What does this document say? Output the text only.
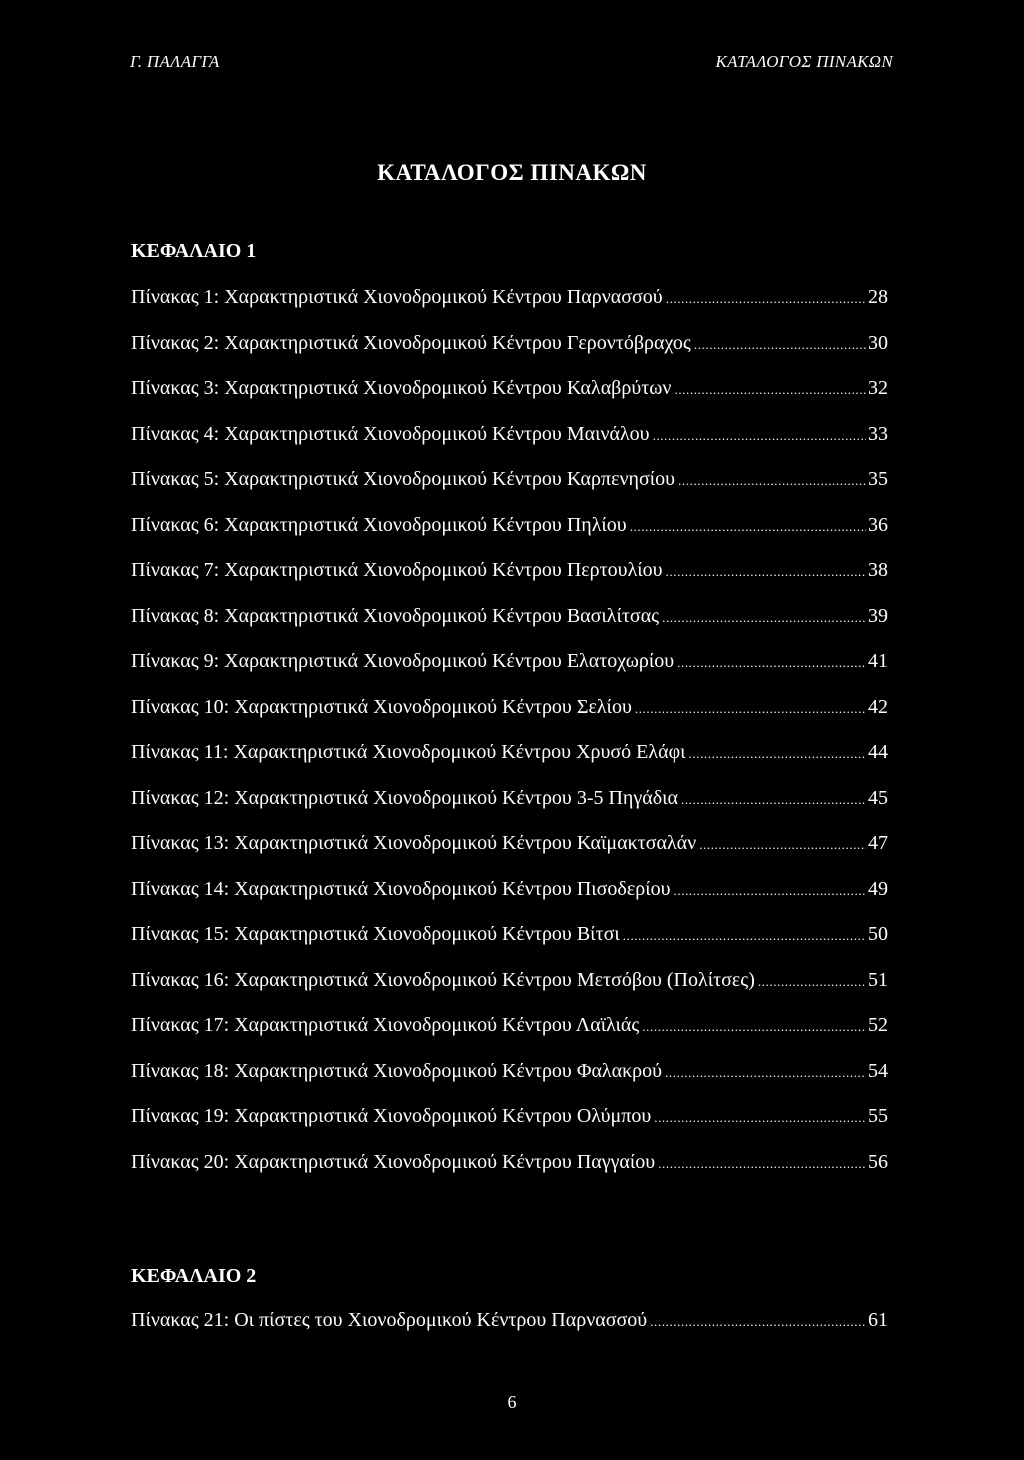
Γ. ΠΑΛΑΓΓΑ	ΚΑΤΑΛΟΓΟΣ ΠΙΝΑΚΩΝ
ΚΑΤΑΛΟΓΟΣ ΠΙΝΑΚΩΝ
ΚΕΦΑΛΑΙΟ 1
Πίνακας 1: Χαρακτηριστικά Χιονοδρομικού Κέντρου Παρνασσού .....	28
Πίνακας 2: Χαρακτηριστικά Χιονοδρομικού Κέντρου Γεροντόβραχος .....	30
Πίνακας 3: Χαρακτηριστικά Χιονοδρομικού Κέντρου Καλαβρύτων .....	32
Πίνακας 4: Χαρακτηριστικά Χιονοδρομικού Κέντρου Μαινάλου .....	33
Πίνακας 5: Χαρακτηριστικά Χιονοδρομικού Κέντρου Καρπενησίου .....	35
Πίνακας 6: Χαρακτηριστικά Χιονοδρομικού Κέντρου Πηλίου .....	36
Πίνακας 7: Χαρακτηριστικά Χιονοδρομικού Κέντρου Περτουλίου .....	38
Πίνακας 8: Χαρακτηριστικά Χιονοδρομικού Κέντρου Βασιλίτσας .....	39
Πίνακας 9: Χαρακτηριστικά Χιονοδρομικού Κέντρου Ελατοχωρίου .....	41
Πίνακας 10: Χαρακτηριστικά Χιονοδρομικού Κέντρου Σελίου .....	42
Πίνακας 11: Χαρακτηριστικά Χιονοδρομικού Κέντρου Χρυσό Ελάφι .....	44
Πίνακας 12: Χαρακτηριστικά Χιονοδρομικού Κέντρου 3-5 Πηγάδια .....	45
Πίνακας 13: Χαρακτηριστικά Χιονοδρομικού Κέντρου Καϊμακτσαλάν .....	47
Πίνακας 14: Χαρακτηριστικά Χιονοδρομικού Κέντρου Πισοδερίου .....	49
Πίνακας 15: Χαρακτηριστικά Χιονοδρομικού Κέντρου Βίτσι .....	50
Πίνακας 16: Χαρακτηριστικά Χιονοδρομικού Κέντρου Μετσόβου (Πολίτσες) .....	51
Πίνακας 17: Χαρακτηριστικά Χιονοδρομικού Κέντρου Λαϊλιάς .....	52
Πίνακας 18: Χαρακτηριστικά Χιονοδρομικού Κέντρου Φαλακρού .....	54
Πίνακας 19: Χαρακτηριστικά Χιονοδρομικού Κέντρου Ολύμπου .....	55
Πίνακας 20: Χαρακτηριστικά Χιονοδρομικού Κέντρου Παγγαίου .....	56
ΚΕΦΑΛΑΙΟ 2
Πίνακας 21: Οι πίστες του Χιονοδρομικού Κέντρου Παρνασσού .....	61
6
